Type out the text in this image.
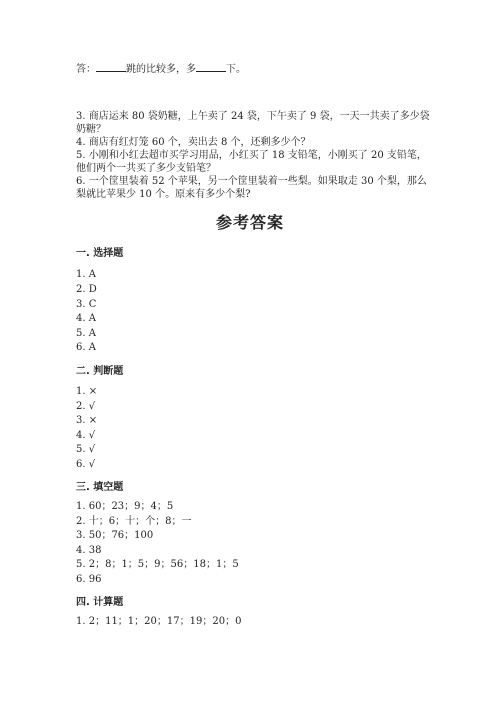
答：	跳的比较多，多	下。
3. 商店运来 80 袋奶糖，上午卖了 24 袋，下午卖了 9 袋，一天一共卖了多少袋
奶糖？
4. 商店有红灯笼 60 个，卖出去 8 个，还剩多少个？
5. 小刚和小红去超市买学习用品，小红买了 18 支铅笔，小刚买了 20 支铅笔，
他们两个一共买了多少支铅笔？
6. 一个筐里装着 52 个苹果，另一个筐里装着一些梨。如果取走 30 个梨，那么
梨就比苹果少 10 个。原来有多少个梨?
参考答案
一. 选择题
1. A
2. D
3. C
4. A
5. A
6. A
二. 判断题
1. ×
2. √
3. ×
4. √
5. √
6. √
三. 填空题
1. 60；23；9；4；5
2. 十；6；十；个；8；一
3. 50；76；100
4. 38
5. 2；8；1；5；9；56；18；1；5
6. 96
四. 计算题
1. 2；11；1；20；17；19；20；0
